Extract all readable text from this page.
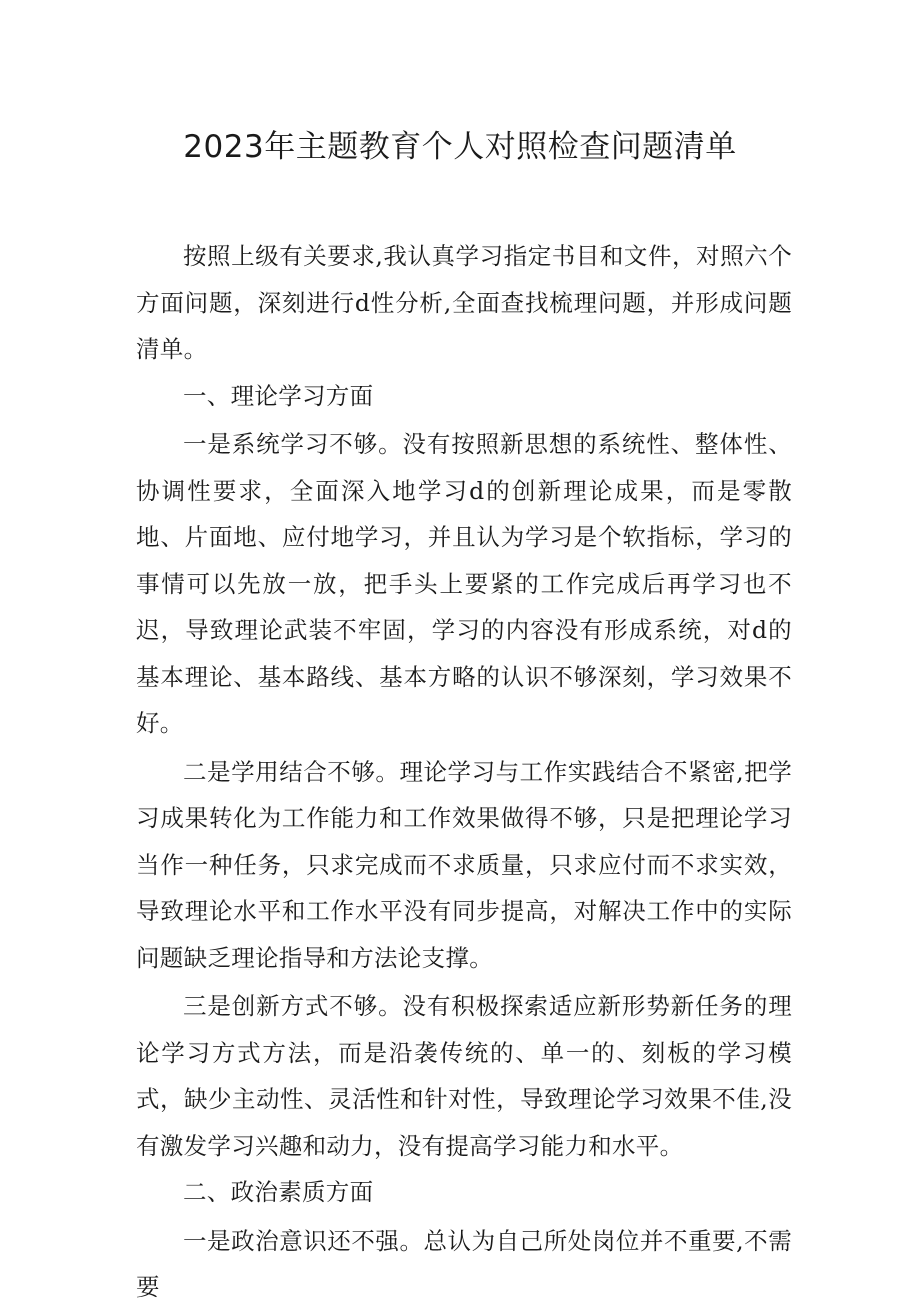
2023年主题教育个人对照检查问题清单

按照上级有关要求,我认真学习指定书目和文件，对照六个方面问题，深刻进行d性分析,全面查找梳理问题，并形成问题清单。

一、理论学习方面

一是系统学习不够。没有按照新思想的系统性、整体性、协调性要求，全面深入地学习d的创新理论成果，而是零散地、片面地、应付地学习，并且认为学习是个软指标，学习的事情可以先放一放，把手头上要紧的工作完成后再学习也不迟，导致理论武装不牢固，学习的内容没有形成系统，对d的基本理论、基本路线、基本方略的认识不够深刻，学习效果不好。

二是学用结合不够。理论学习与工作实践结合不紧密,把学习成果转化为工作能力和工作效果做得不够，只是把理论学习当作一种任务，只求完成而不求质量，只求应付而不求实效，导致理论水平和工作水平没有同步提高，对解决工作中的实际问题缺乏理论指导和方法论支撑。

三是创新方式不够。没有积极探索适应新形势新任务的理论学习方式方法，而是沿袭传统的、单一的、刻板的学习模式，缺少主动性、灵活性和针对性，导致理论学习效果不佳,没有激发学习兴趣和动力，没有提高学习能力和水平。

二、政治素质方面

一是政治意识还不强。总认为自己所处岗位并不重要,不需要
